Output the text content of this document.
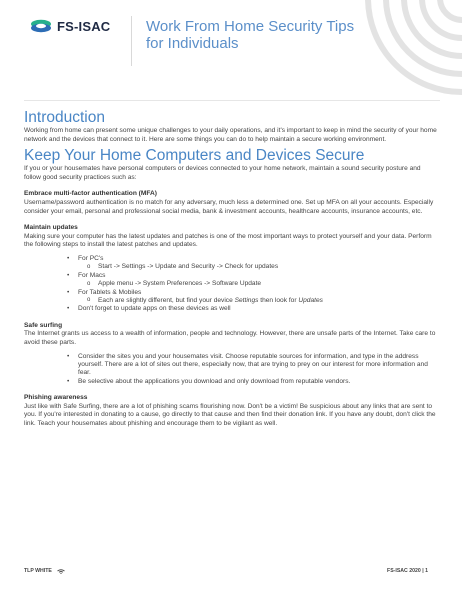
FS-ISAC Work From Home Security Tips for Individuals
Introduction

Working from home can present some unique challenges to your daily operations, and it's important to keep in mind the security of your home network and the devices that connect to it. Here are some things you can do to help maintain a secure working environment.

Keep Your Home Computers and Devices Secure

If you or your housemates have personal computers or devices connected to your home network, maintain a sound security posture and follow good security practices such as:

Embrace multi-factor authentication (MFA)

Username/password authentication is no match for any adversary, much less a determined one. Set up MFA on all your accounts. Especially consider your email, personal and professional social media, bank & investment accounts, healthcare accounts, insurance accounts, etc.

Maintain updates

Making sure your computer has the latest updates and patches is one of the most important ways to protect yourself and your data. Perform the following steps to install the latest patches and updates.

• For PC's
o Start -> Settings -> Update and Security -> Check for updates
• For Macs
o Apple menu -> System Preferences -> Software Update
• For Tablets & Mobiles
o Each are slightly different, but find your device Settings then look for Updates
• Don't forget to update apps on these devices as well
Safe surfing

The Internet grants us access to a wealth of information, people and technology. However, there are unsafe parts of the Internet. Take care to avoid these parts.

• Consider the sites you and your housemates visit. Choose reputable sources for information, and type in the address yourself. There are a lot of sites out there, especially now, that are trying to prey on our interest for more information and fear.
• Be selective about the applications you download and only download from reputable vendors.
Phishing awareness

Just like with Safe Surfing, there are a lot of phishing scams flourishing now. Don't be a victim! Be suspicious about any links that are sent to you. If you're interested in donating to a cause, go directly to that cause and then find their donation link. If you have any doubt, don't click the link. Teach your housemates about phishing and encourage them to be vigilant as well.

TLP WHITE	FS-ISAC 2020 | 1
